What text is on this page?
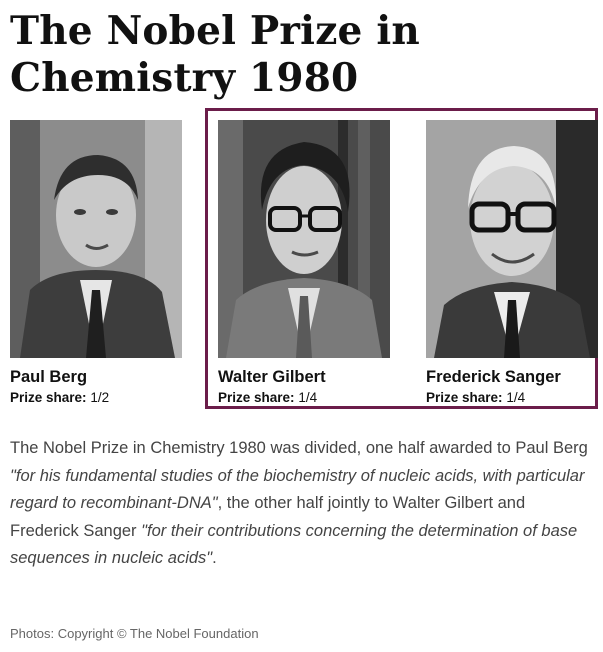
The Nobel Prize in
Chemistry 1980
Paul Berg
Prize share: 1/2
Walter Gilbert
Prize share: 1/4
Frederick Sanger
Prize share: 1/4

The Nobel Prize in Chemistry 1980 was divided, one half awarded to Paul Berg "for his fundamental studies of the biochemistry of nucleic acids, with particular regard to recombinant-DNA", the other half jointly to Walter Gilbert and Frederick Sanger "for their contributions concerning the determination of base sequences in nucleic acids".

Photos: Copyright © The Nobel Foundation
